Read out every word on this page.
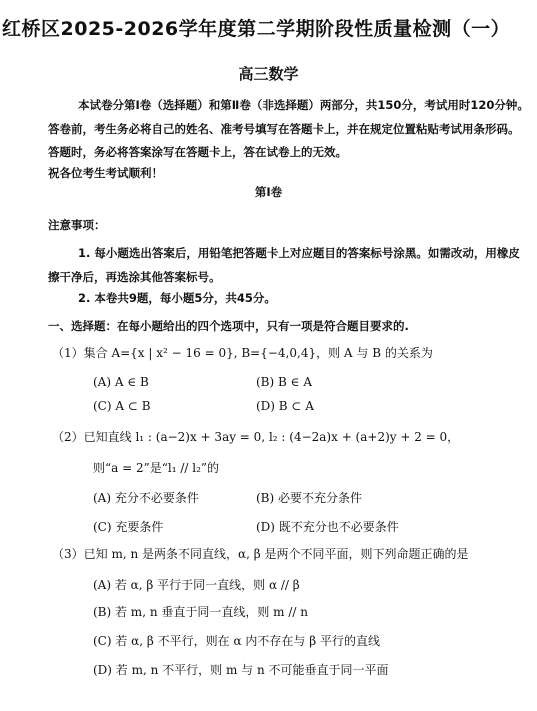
红桥区2025-2026学年度第二学期阶段性质量检测（一）
高三数学
本试卷分第Ⅰ卷（选择题）和第Ⅱ卷（非选择题）两部分，共150分，考试用时120分钟。
答卷前，考生务必将自己的姓名、准考号填写在答题卡上，并在规定位置粘贴考试用条形码。
答题时，务必将答案涂写在答题卡上，答在试卷上的无效。
祝各位考生考试顺利！
第Ⅰ卷
注意事项：
1. 每小题选出答案后，用铅笔把答题卡上对应题目的答案标号涂黑。如需改动，用橡皮
擦干净后，再选涂其他答案标号。
2. 本卷共9题，每小题5分，共45分。
一、选择题：在每小题给出的四个选项中，只有一项是符合题目要求的.
（1）集合 A={x | x² − 16 = 0}, B={−4,0,4}，则 A 与 B 的关系为
(A) A ∈ B	(B) B ∈ A
(C) A ⊂ B	(D) B ⊂ A
（2）已知直线 l₁ : (a−2)x + 3ay = 0, l₂ : (4−2a)x + (a+2)y + 2 = 0，
则“a = 2”是“l₁ // l₂”的
(A) 充分不必要条件	(B) 必要不充分条件
(C) 充要条件	(D) 既不充分也不必要条件
（3）已知 m, n 是两条不同直线，α, β 是两个不同平面，则下列命题正确的是
(A) 若 α, β 平行于同一直线，则 α // β
(B) 若 m, n 垂直于同一直线，则 m // n
(C) 若 α, β 不平行，则在 α 内不存在与 β 平行的直线
(D) 若 m, n 不平行，则 m 与 n 不可能垂直于同一平面
